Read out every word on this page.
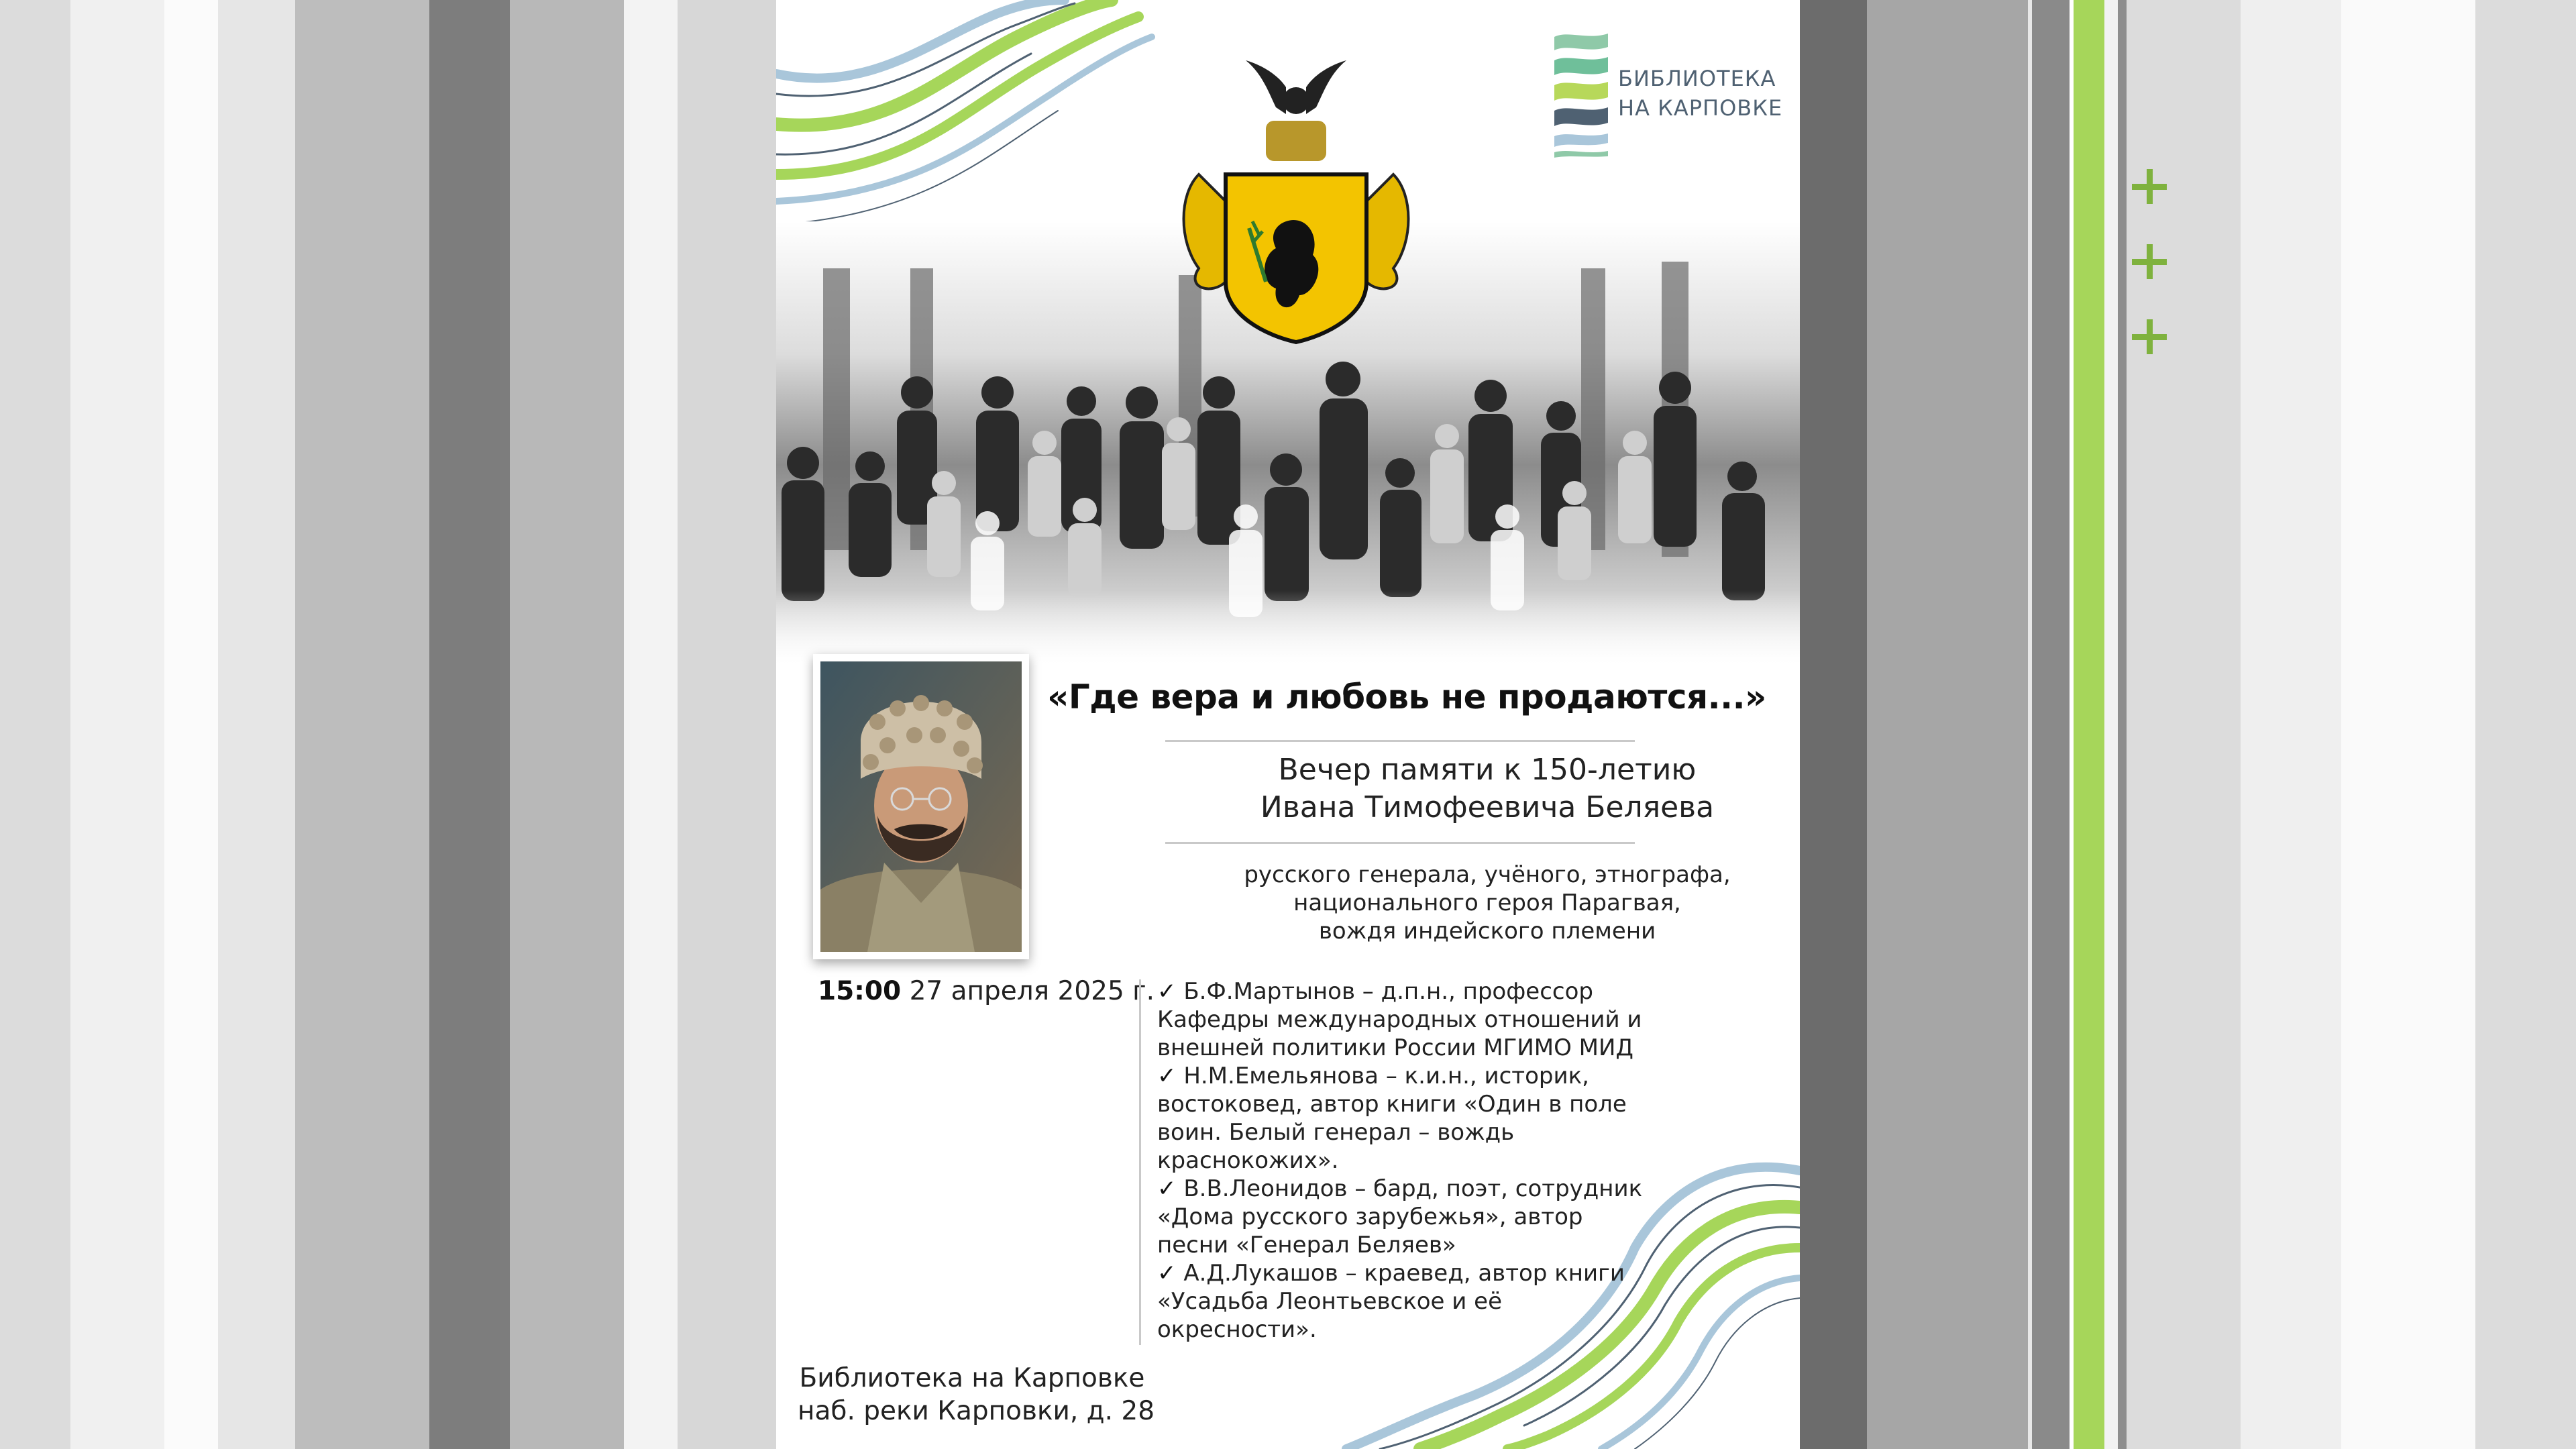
БИБЛИОТЕКА
НА КАРПОВКЕ
«Где вера и любовь не продаются...»
Вечер памяти к 150-летию
Ивана Тимофеевича Беляева
русского генерала, учёного, этнографа,
национального героя Парагвая,
вождя индейского племени
15:00 27 апреля 2025 г. ✓ Б.Ф.Мартынов – д.п.н., профессор
Кафедры международных отношений и
внешней политики России МГИМО МИД
✓ Н.М.Емельянова – к.и.н., историк,
востоковед, автор книги «Один в поле
воин. Белый генерал – вождь
краснокожих».
✓ В.В.Леонидов – бард, поэт, сотрудник
«Дома русского зарубежья», автор
песни «Генерал Беляев»
✓ А.Д.Лукашов – краевед, автор книги
«Усадьба Леонтьевское и её
окресности».
Библиотека на Карповке
наб. реки Карповки, д. 28
